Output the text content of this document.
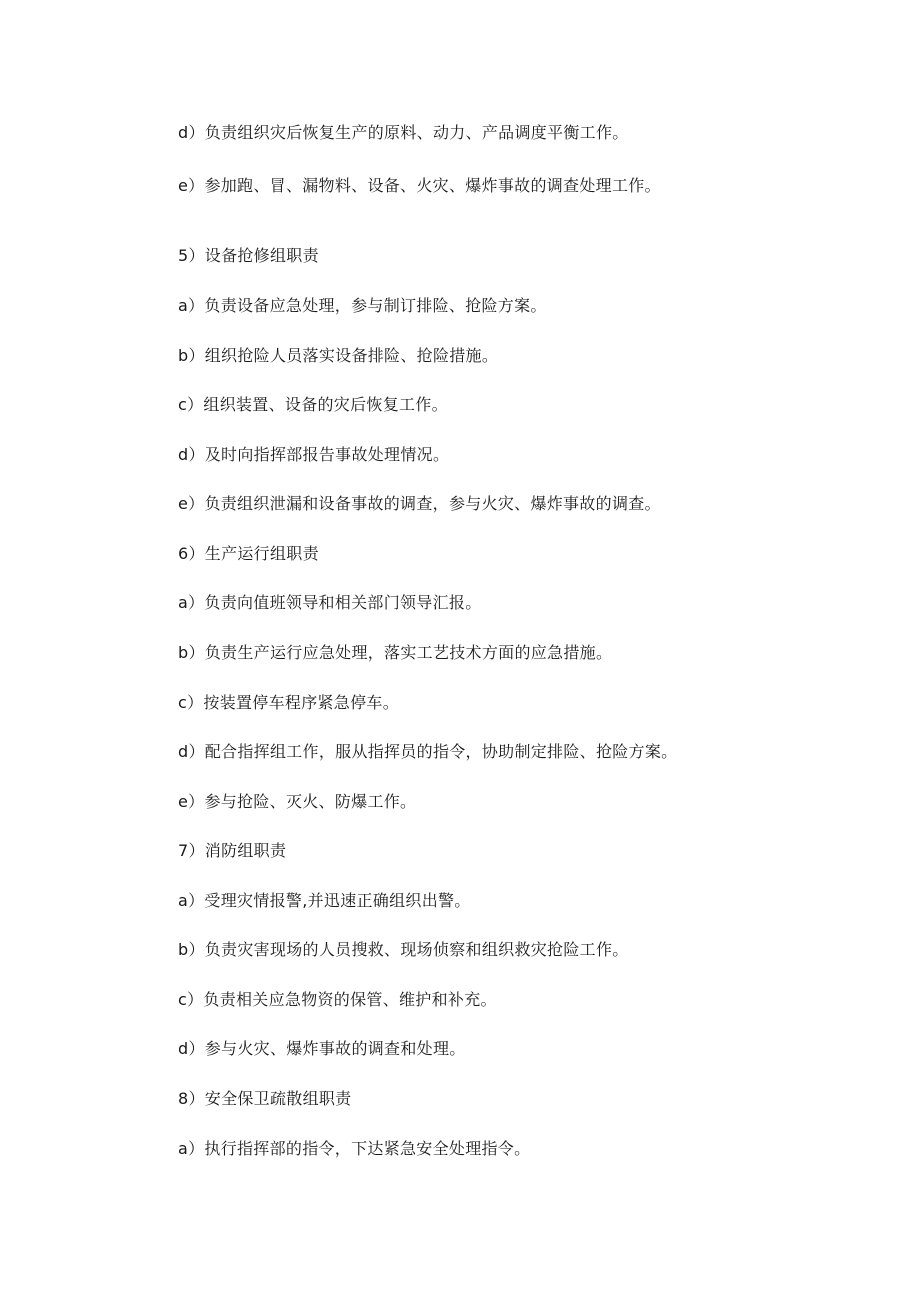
d）负责组织灾后恢复生产的原料、动力、产品调度平衡工作。
e）参加跑、冒、漏物料、设备、火灾、爆炸事故的调查处理工作。
5）设备抢修组职责
a）负责设备应急处理，参与制订排险、抢险方案。
b）组织抢险人员落实设备排险、抢险措施。
c）组织装置、设备的灾后恢复工作。
d）及时向指挥部报告事故处理情况。
e）负责组织泄漏和设备事故的调查，参与火灾、爆炸事故的调查。
6）生产运行组职责
a）负责向值班领导和相关部门领导汇报。
b）负责生产运行应急处理，落实工艺技术方面的应急措施。
c）按装置停车程序紧急停车。
d）配合指挥组工作，服从指挥员的指令，协助制定排险、抢险方案。
e）参与抢险、灭火、防爆工作。
7）消防组职责
a）受理灾情报警,并迅速正确组织出警。
b）负责灾害现场的人员搜救、现场侦察和组织救灾抢险工作。
c）负责相关应急物资的保管、维护和补充。
d）参与火灾、爆炸事故的调查和处理。
8）安全保卫疏散组职责
a）执行指挥部的指令，下达紧急安全处理指令。
